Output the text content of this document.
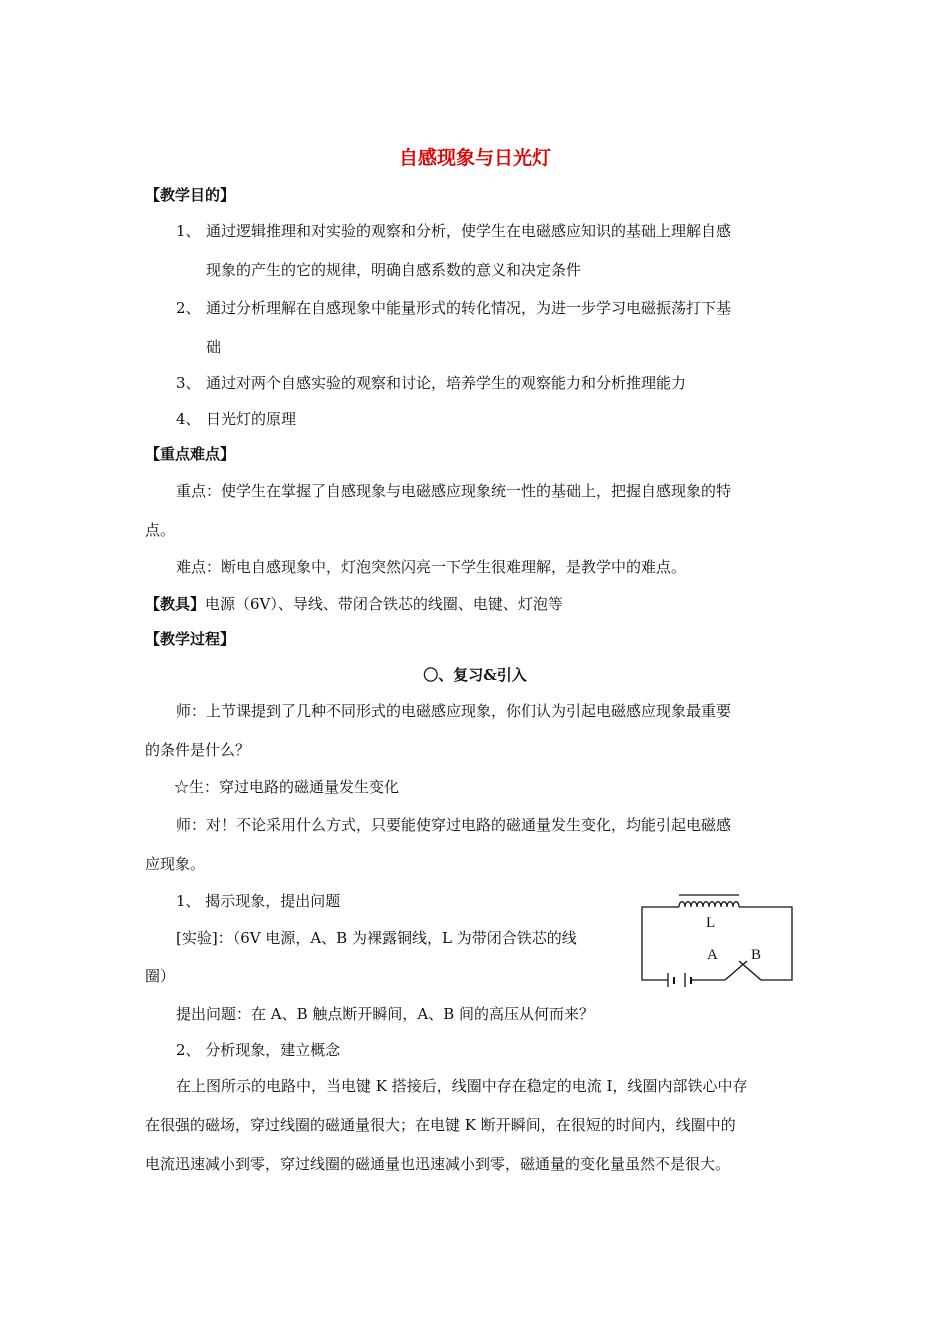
自感现象与日光灯
【教学目的】
1、 通过逻辑推理和对实验的观察和分析，使学生在电磁感应知识的基础上理解自感
现象的产生的它的规律，明确自感系数的意义和决定条件
2、 通过分析理解在自感现象中能量形式的转化情况，为进一步学习电磁振荡打下基
础
3、 通过对两个自感实验的观察和讨论，培养学生的观察能力和分析推理能力
4、 日光灯的原理
【重点难点】
重点：使学生在掌握了自感现象与电磁感应现象统一性的基础上，把握自感现象的特
点。
难点：断电自感现象中，灯泡突然闪亮一下学生很难理解，是教学中的难点。
【教具】电源（6V）、导线、带闭合铁芯的线圈、电键、灯泡等
【教学过程】
〇、复习&引入
师：上节课提到了几种不同形式的电磁感应现象，你们认为引起电磁感应现象最重要
的条件是什么？
☆生：穿过电路的磁通量发生变化
师：对！不论采用什么方式，只要能使穿过电路的磁通量发生变化，均能引起电磁感
应现象。
1、 揭示现象，提出问题
[实验]：（6V 电源，A、B 为裸露铜线，L 为带闭合铁芯的线
圈）
提出问题：在 A、B 触点断开瞬间，A、B 间的高压从何而来？
2、 分析现象，建立概念
在上图所示的电路中，当电键 K 搭接后，线圈中存在稳定的电流 I，线圈内部铁心中存
在很强的磁场，穿过线圈的磁通量很大；在电键 K 断开瞬间，在很短的时间内，线圈中的
电流迅速减小到零，穿过线圈的磁通量也迅速减小到零，磁通量的变化量虽然不是很大。
L
A B
